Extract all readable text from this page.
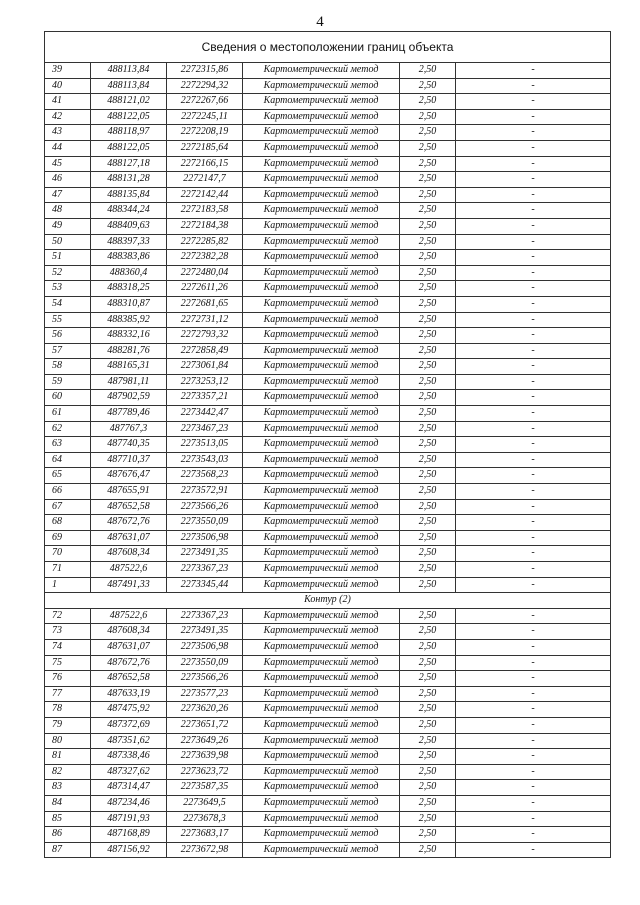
4
Сведения о местоположении границ объекта					
39	488113,84	2272315,86	Картометрический метод	2,50	-
40	488113,84	2272294,32	Картометрический метод	2,50	-
41	488121,02	2272267,66	Картометрический метод	2,50	-
42	488122,05	2272245,11	Картометрический метод	2,50	-
43	488118,97	2272208,19	Картометрический метод	2,50	-
44	488122,05	2272185,64	Картометрический метод	2,50	-
45	488127,18	2272166,15	Картометрический метод	2,50	-
46	488131,28	2272147,7	Картометрический метод	2,50	-
47	488135,84	2272142,44	Картометрический метод	2,50	-
48	488344,24	2272183,58	Картометрический метод	2,50	-
49	488409,63	2272184,38	Картометрический метод	2,50	-
50	488397,33	2272285,82	Картометрический метод	2,50	-
51	488383,86	2272382,28	Картометрический метод	2,50	-
52	488360,4	2272480,04	Картометрический метод	2,50	-
53	488318,25	2272611,26	Картометрический метод	2,50	-
54	488310,87	2272681,65	Картометрический метод	2,50	-
55	488385,92	2272731,12	Картометрический метод	2,50	-
56	488332,16	2272793,32	Картометрический метод	2,50	-
57	488281,76	2272858,49	Картометрический метод	2,50	-
58	488165,31	2273061,84	Картометрический метод	2,50	-
59	487981,11	2273253,12	Картометрический метод	2,50	-
60	487902,59	2273357,21	Картометрический метод	2,50	-
61	487789,46	2273442,47	Картометрический метод	2,50	-
62	487767,3	2273467,23	Картометрический метод	2,50	-
63	487740,35	2273513,05	Картометрический метод	2,50	-
64	487710,37	2273543,03	Картометрический метод	2,50	-
65	487676,47	2273568,23	Картометрический метод	2,50	-
66	487655,91	2273572,91	Картометрический метод	2,50	-
67	487652,58	2273566,26	Картометрический метод	2,50	-
68	487672,76	2273550,09	Картометрический метод	2,50	-
69	487631,07	2273506,98	Картометрический метод	2,50	-
70	487608,34	2273491,35	Картометрический метод	2,50	-
71	487522,6	2273367,23	Картометрический метод	2,50	-
1	487491,33	2273345,44	Картометрический метод	2,50	-
Контур (2)					
72	487522,6	2273367,23	Картометрический метод	2,50	-
73	487608,34	2273491,35	Картометрический метод	2,50	-
74	487631,07	2273506,98	Картометрический метод	2,50	-
75	487672,76	2273550,09	Картометрический метод	2,50	-
76	487652,58	2273566,26	Картометрический метод	2,50	-
77	487633,19	2273577,23	Картометрический метод	2,50	-
78	487475,92	2273620,26	Картометрический метод	2,50	-
79	487372,69	2273651,72	Картометрический метод	2,50	-
80	487351,62	2273649,26	Картометрический метод	2,50	-
81	487338,46	2273639,98	Картометрический метод	2,50	-
82	487327,62	2273623,72	Картометрический метод	2,50	-
83	487314,47	2273587,35	Картометрический метод	2,50	-
84	487234,46	2273649,5	Картометрический метод	2,50	-
85	487191,93	2273678,3	Картометрический метод	2,50	-
86	487168,89	2273683,17	Картометрический метод	2,50	-
87	487156,92	2273672,98	Картометрический метод	2,50	-
